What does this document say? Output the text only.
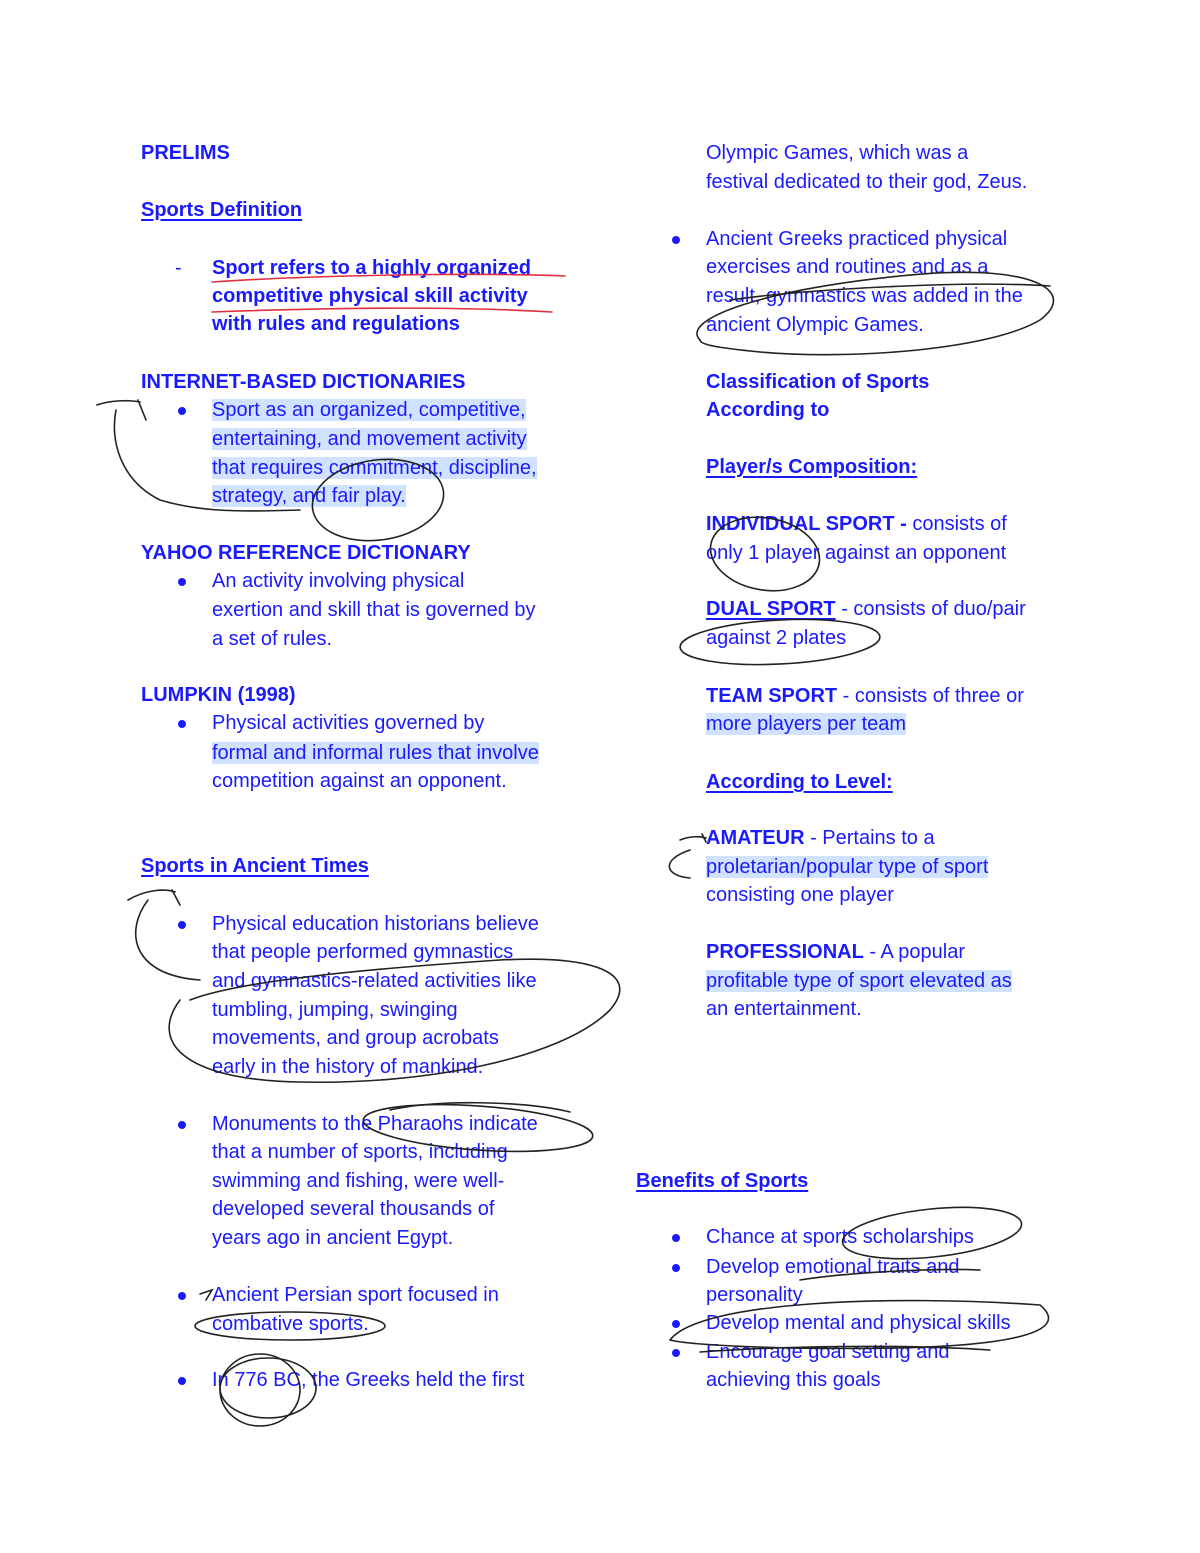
PRELIMS

Sports Definition

- Sport refers to a highly organized

competitive physical skill activity

with rules and regulations

INTERNET-BASED DICTIONARIES

Sport as an organized, competitive,

entertaining, and movement activity

that requires commitment, discipline,

strategy, and fair play.

YAHOO REFERENCE DICTIONARY

An activity involving physical

exertion and skill that is governed by

a set of rules.

LUMPKIN (1998)

Physical activities governed by

formal and informal rules that involve

competition against an opponent.

Sports in Ancient Times

Physical education historians believe

that people performed gymnastics

and gymnastics-related activities like

tumbling, jumping, swinging

movements, and group acrobats

early in the history of mankind.

Monuments to the Pharaohs indicate

that a number of sports, including

swimming and fishing, were well-

developed several thousands of

years ago in ancient Egypt.

Ancient Persian sport focused in

combative sports.

In 776 BC, the Greeks held the first

Olympic Games, which was a

festival dedicated to their god, Zeus.

Ancient Greeks practiced physical

exercises and routines and as a

result, gymnastics was added in the

ancient Olympic Games.

Classification of Sports

According to

Player/s Composition:

INDIVIDUAL SPORT - consists of

only 1 player against an opponent

DUAL SPORT - consists of duo/pair

against 2 plates

TEAM SPORT - consists of three or

more players per team

According to Level:

AMATEUR - Pertains to a

proletarian/popular type of sport

consisting one player

PROFESSIONAL - A popular

profitable type of sport elevated as

an entertainment.

Benefits of Sports

Chance at sports scholarships

Develop emotional traits and

personality

Develop mental and physical skills

Encourage goal setting and

achieving this goals
